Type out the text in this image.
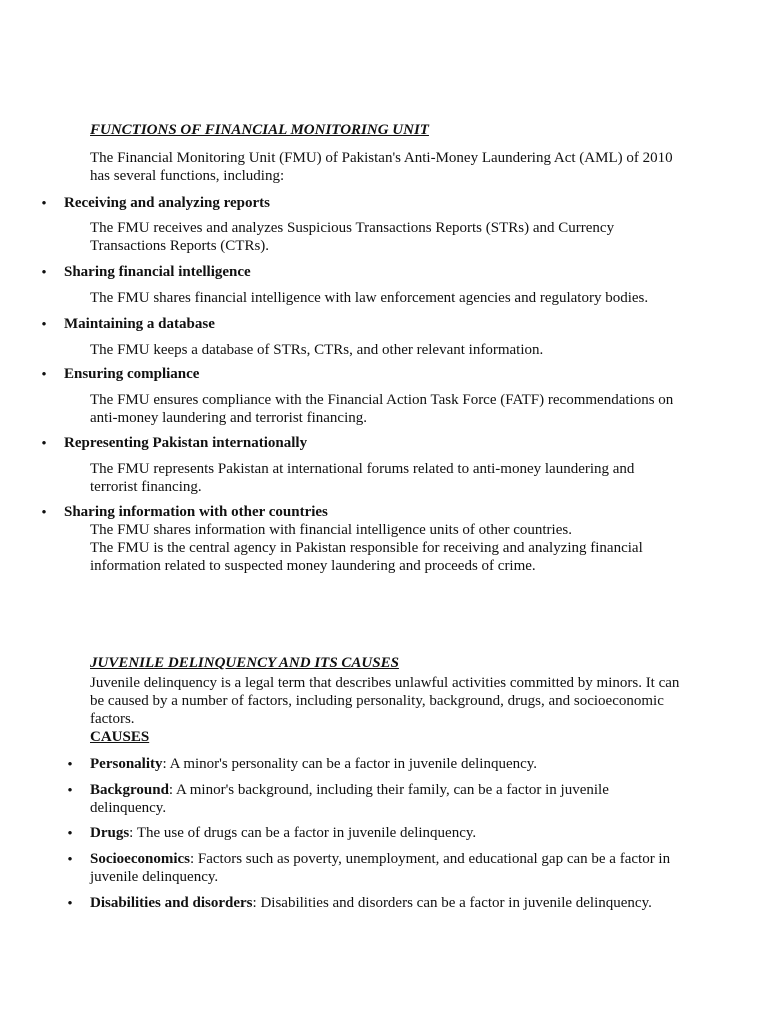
FUNCTIONS OF FINANCIAL MONITORING UNIT
The Financial Monitoring Unit (FMU) of Pakistan's Anti-Money Laundering Act (AML) of 2010 has several functions, including:
• Receiving and analyzing reports
The FMU receives and analyzes Suspicious Transactions Reports (STRs) and Currency Transactions Reports (CTRs).
• Sharing financial intelligence
The FMU shares financial intelligence with law enforcement agencies and regulatory bodies.
• Maintaining a database
The FMU keeps a database of STRs, CTRs, and other relevant information.
• Ensuring compliance
The FMU ensures compliance with the Financial Action Task Force (FATF) recommendations on anti-money laundering and terrorist financing.
• Representing Pakistan internationally
The FMU represents Pakistan at international forums related to anti-money laundering and terrorist financing.
• Sharing information with other countries
The FMU shares information with financial intelligence units of other countries.
The FMU is the central agency in Pakistan responsible for receiving and analyzing financial information related to suspected money laundering and proceeds of crime.
JUVENILE DELINQUENCY AND ITS CAUSES
Juvenile delinquency is a legal term that describes unlawful activities committed by minors. It can be caused by a number of factors, including personality, background, drugs, and socioeconomic factors.
CAUSES
• Personality: A minor's personality can be a factor in juvenile delinquency.
• Background: A minor's background, including their family, can be a factor in juvenile delinquency.
• Drugs: The use of drugs can be a factor in juvenile delinquency.
• Socioeconomics: Factors such as poverty, unemployment, and educational gap can be a factor in juvenile delinquency.
• Disabilities and disorders: Disabilities and disorders can be a factor in juvenile delinquency.
